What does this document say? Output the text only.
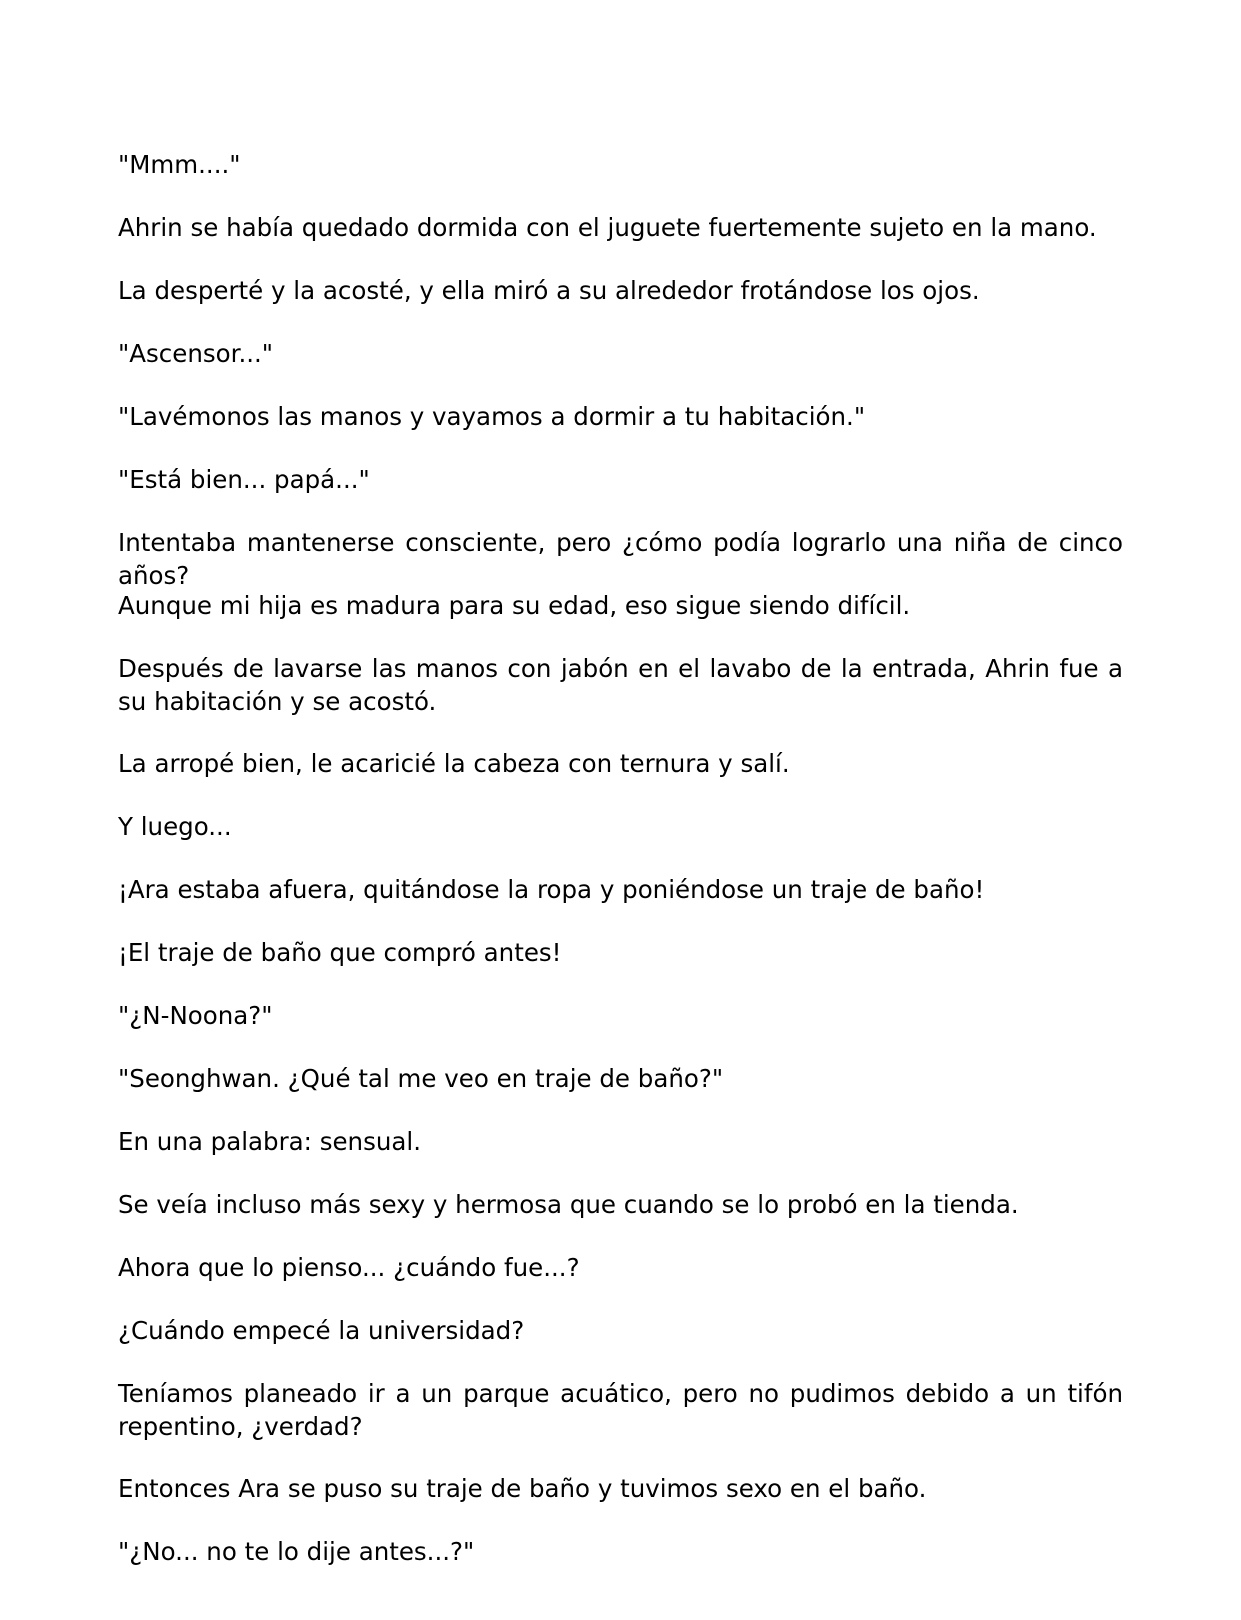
"Mmm...."

Ahrin se había quedado dormida con el juguete fuertemente sujeto en la mano.

La desperté y la acosté, y ella miró a su alrededor frotándose los ojos.

"Ascensor..."

"Lavémonos las manos y vayamos a dormir a tu habitación."

"Está bien... papá..."

Intentaba mantenerse consciente, pero ¿cómo podía lograrlo una niña de cinco años?

Aunque mi hija es madura para su edad, eso sigue siendo difícil.

Después de lavarse las manos con jabón en el lavabo de la entrada, Ahrin fue a su habitación y se acostó.

La arropé bien, le acaricié la cabeza con ternura y salí.

Y luego...

¡Ara estaba afuera, quitándose la ropa y poniéndose un traje de baño!

¡El traje de baño que compró antes!

"¿N-Noona?"

"Seonghwan. ¿Qué tal me veo en traje de baño?"

En una palabra: sensual.

Se veía incluso más sexy y hermosa que cuando se lo probó en la tienda.

Ahora que lo pienso... ¿cuándo fue...?

¿Cuándo empecé la universidad?

Teníamos planeado ir a un parque acuático, pero no pudimos debido a un tifón repentino, ¿verdad?

Entonces Ara se puso su traje de baño y tuvimos sexo en el baño.

"¿No... no te lo dije antes...?"
